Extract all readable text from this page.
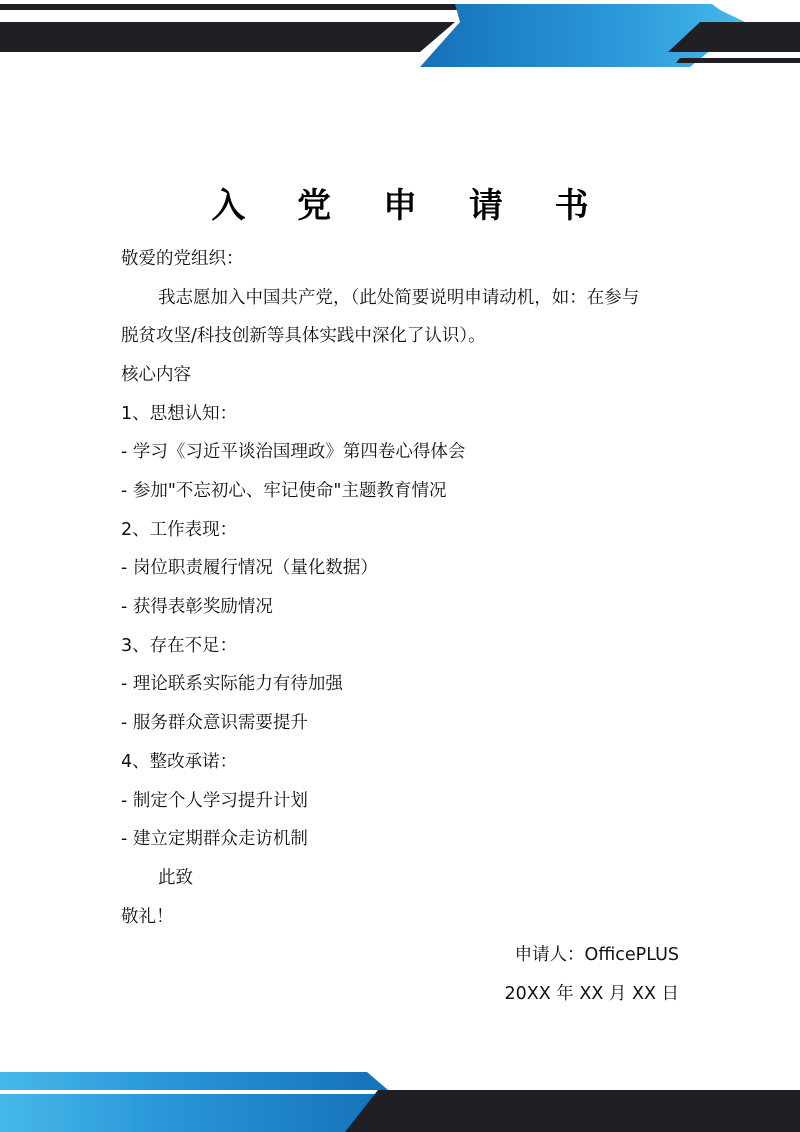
入 党 申 请 书
敬爱的党组织：
我志愿加入中国共产党，（此处简要说明申请动机，如：在参与
脱贫攻坚/科技创新等具体实践中深化了认识）。
核心内容
1、思想认知：
- 学习《习近平谈治国理政》第四卷心得体会
- 参加"不忘初心、牢记使命"主题教育情况
2、工作表现：
- 岗位职责履行情况（量化数据）
- 获得表彰奖励情况
3、存在不足：
- 理论联系实际能力有待加强
- 服务群众意识需要提升
4、整改承诺：
- 制定个人学习提升计划
- 建立定期群众走访机制
此致
敬礼！
申请人：OfficePLUS
20XX 年 XX 月 XX 日
